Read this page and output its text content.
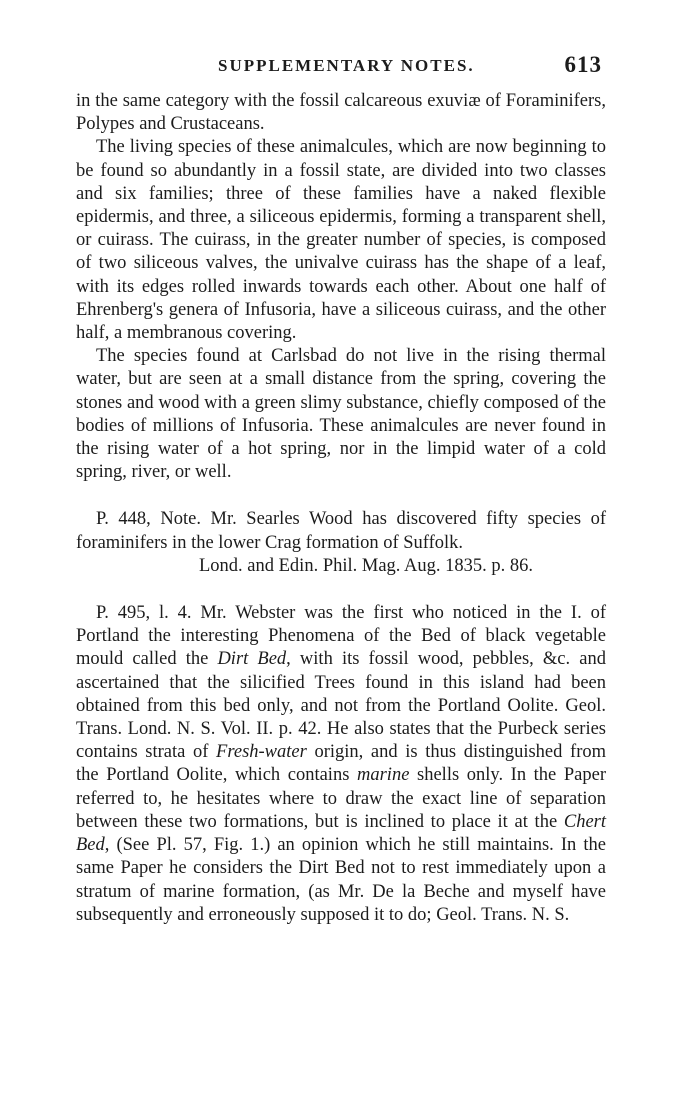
SUPPLEMENTARY NOTES.	613

in the same category with the fossil calcareous exuviæ of Foraminifers, Polypes and Crustaceans.

The living species of these animalcules, which are now beginning to be found so abundantly in a fossil state, are divided into two classes and six families; three of these families have a naked flexible epidermis, and three, a siliceous epidermis, forming a transparent shell, or cuirass. The cuirass, in the greater number of species, is composed of two siliceous valves, the univalve cuirass has the shape of a leaf, with its edges rolled inwards towards each other. About one half of Ehrenberg's genera of Infusoria, have a siliceous cuirass, and the other half, a membranous covering.

The species found at Carlsbad do not live in the rising thermal water, but are seen at a small distance from the spring, covering the stones and wood with a green slimy substance, chiefly composed of the bodies of millions of Infusoria. These animalcules are never found in the rising water of a hot spring, nor in the limpid water of a cold spring, river, or well.

P. 448, Note. Mr. Searles Wood has discovered fifty species of foraminifers in the lower Crag formation of Suffolk.

Lond. and Edin. Phil. Mag. Aug. 1835. p. 86.

P. 495, l. 4. Mr. Webster was the first who noticed in the I. of Portland the interesting Phenomena of the Bed of black vegetable mould called the Dirt Bed, with its fossil wood, pebbles, &c. and ascertained that the silicified Trees found in this island had been obtained from this bed only, and not from the Portland Oolite. Geol. Trans. Lond. N. S. Vol. II. p. 42. He also states that the Purbeck series contains strata of Fresh-water origin, and is thus distinguished from the Portland Oolite, which contains marine shells only. In the Paper referred to, he hesitates where to draw the exact line of separation between these two formations, but is inclined to place it at the Chert Bed, (See Pl. 57, Fig. 1.) an opinion which he still maintains. In the same Paper he considers the Dirt Bed not to rest immediately upon a stratum of marine formation, (as Mr. De la Beche and myself have subsequently and erroneously supposed it to do; Geol. Trans. N. S.
